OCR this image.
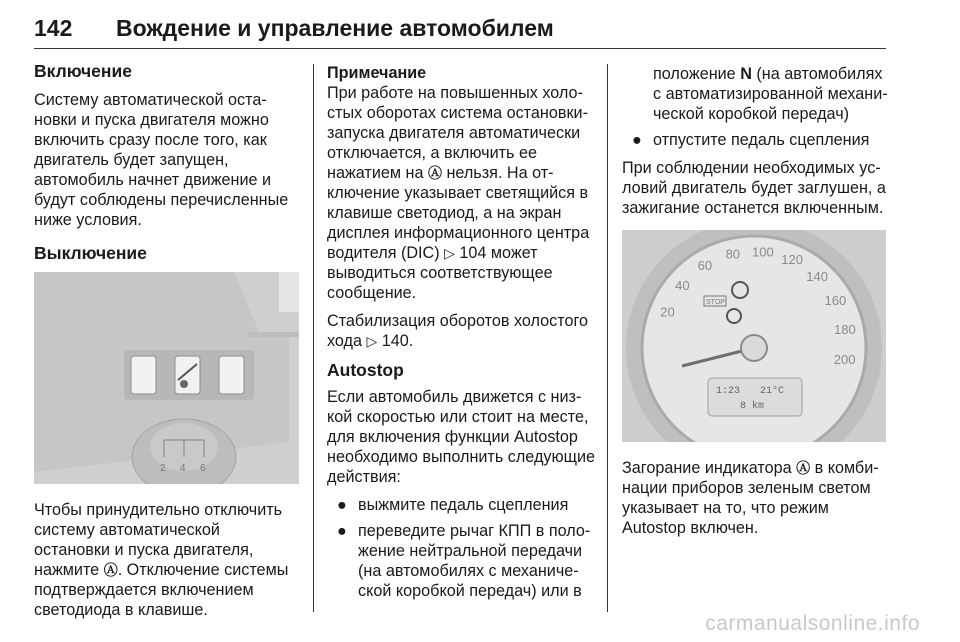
142 Вождение и управление автомобилем
Включение

Систему автоматической остановки и пуска двигателя можно включить сразу после того, как двигатель будет запущен, автомобиль начнет движение и будут соблюдены перечисленные ниже условия.

Выключение
2 4 6

Чтобы принудительно отключить систему автоматической остановки и пуска двигателя, нажмите Ⓐ. Отключение системы подтверждается включением светодиода в клавише.

Примечание

При работе на повышенных холостых оборотах система остановки-запуска двигателя автоматически отключается, а включить ее нажатием на Ⓐ нельзя. На отключение указывает светящийся в клавише светодиод, а на экран дисплея информационного центра водителя (DIC) ▷ 104 может выводиться соответствующее сообщение.

Стабилизация оборотов холостого хода ▷ 140.

Autostop

Если автомобиль движется с низкой скоростью или стоит на месте, для включения функции Autostop необходимо выполнить следующие действия:

● выжмите педаль сцепления
● переведите рычаг КПП в положение нейтральной передачи (на автомобилях с механической коробкой передач) или в
положение N (на автомобилях с автоматизированной механической коробкой передач)
● отпустите педаль сцепления

При соблюдении необходимых условий двигатель будет заглушен, а зажигание останется включенным.

20
40
60
80 100
120
140
160
180
200
STOP
1:23 21°C
8 km

Загорание индикатора Ⓐ в комбинации приборов зеленым светом указывает на то, что режим Autostop включен.

carmanualsonline.info
